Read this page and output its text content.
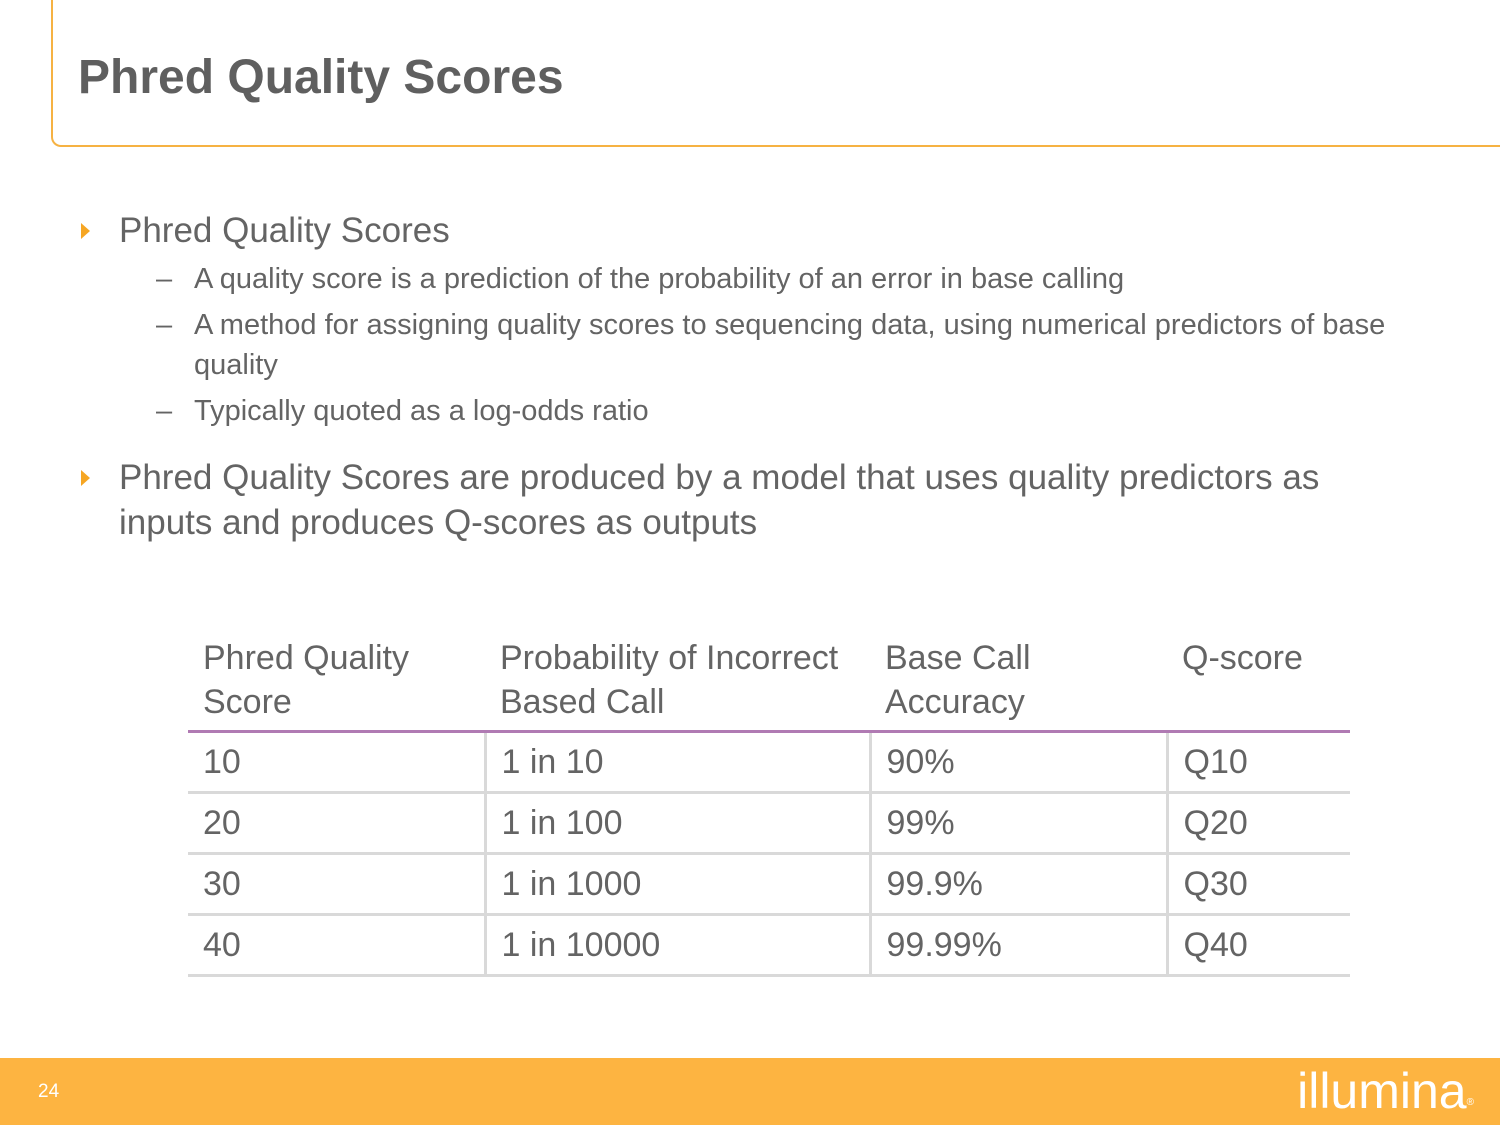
Phred Quality Scores
Phred Quality Scores
– A quality score is a prediction of the probability of an error in base calling
– A method for assigning quality scores to sequencing data, using numerical predictors of base quality
– Typically quoted as a log-odds ratio
Phred Quality Scores are produced by a model that uses quality predictors as inputs and produces Q-scores as outputs
Phred Quality Score	Probability of Incorrect Based Call	Base Call Accuracy	Q-score
10	1 in 10	90%	Q10
20	1 in 100	99%	Q20
30	1 in 1000	99.9%	Q30
40	1 in 10000	99.99%	Q40
24	illumina®
